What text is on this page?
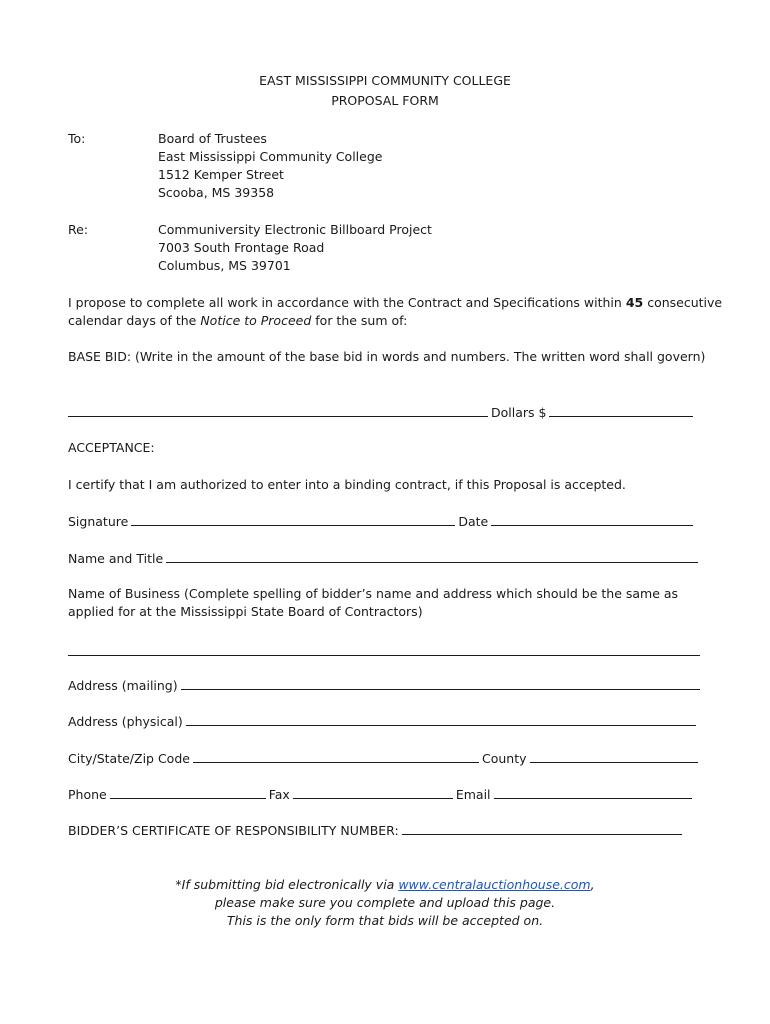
EAST MISSISSIPPI COMMUNITY COLLEGE
PROPOSAL FORM
To:	Board of Trustees
East Mississippi Community College
1512 Kemper Street
Scooba, MS 39358
Re:	Communiversity Electronic Billboard Project
7003 South Frontage Road
Columbus, MS 39701
I propose to complete all work in accordance with the Contract and Specifications within 45 consecutive
calendar days of the Notice to Proceed for the sum of:
BASE BID: (Write in the amount of the base bid in words and numbers. The written word shall govern)
Dollars $
ACCEPTANCE:
I certify that I am authorized to enter into a binding contract, if this Proposal is accepted.
Signature	Date
Name and Title
Name of Business (Complete spelling of bidder’s name and address which should be the same as
applied for at the Mississippi State Board of Contractors)
Address (mailing)
Address (physical)
City/State/Zip Code	County
Phone	Fax	Email
BIDDER’S CERTIFICATE OF RESPONSIBILITY NUMBER:
*If submitting bid electronically via www.centralauctionhouse.com,
please make sure you complete and upload this page.
This is the only form that bids will be accepted on.
